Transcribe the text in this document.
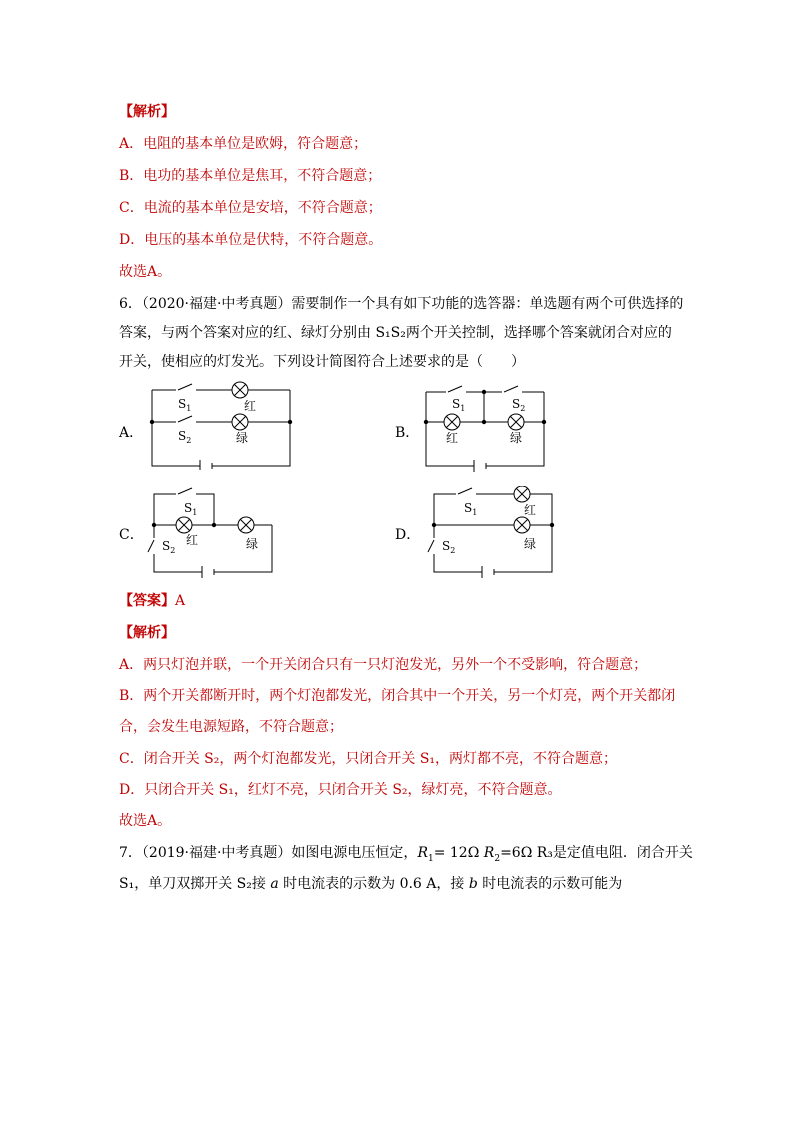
【解析】
A．电阻的基本单位是欧姆，符合题意；
B．电功的基本单位是焦耳，不符合题意；
C．电流的基本单位是安培，不符合题意；
D．电压的基本单位是伏特，不符合题意。
故选A。
6．（2020·福建·中考真题）需要制作一个具有如下功能的选答器：单选题有两个可供选择的
答案，与两个答案对应的红、绿灯分别由 S₁S₂两个开关控制，选择哪个答案就闭合对应的
开关，使相应的灯发光。下列设计简图符合上述要求的是（　　）
A．
$S_1$	红
$S_2$	绿	B．
$S_1$	$S_2$
红	绿
C．
$S_1$
$S_2$
红	绿
D．
$S_1$
$S_2$
红
绿
【答案】A
【解析】
A．两只灯泡并联，一个开关闭合只有一只灯泡发光，另外一个不受影响，符合题意；
B．两个开关都断开时，两个灯泡都发光，闭合其中一个开关，另一个灯亮，两个开关都闭
合，会发生电源短路，不符合题意；
C．闭合开关 S₂，两个灯泡都发光，只闭合开关 S₁，两灯都不亮，不符合题意；
D．只闭合开关 S₁，红灯不亮，只闭合开关 S₂，绿灯亮，不符合题意。
故选A。
7．（2019·福建·中考真题）如图电源电压恒定，$R_1= 12\Omega$ $R_2=6\Omega$ R₃是定值电阻．闭合开关
S₁，单刀双掷开关 S₂接 a 时电流表的示数为 0.6 A，接 b 时电流表的示数可能为
